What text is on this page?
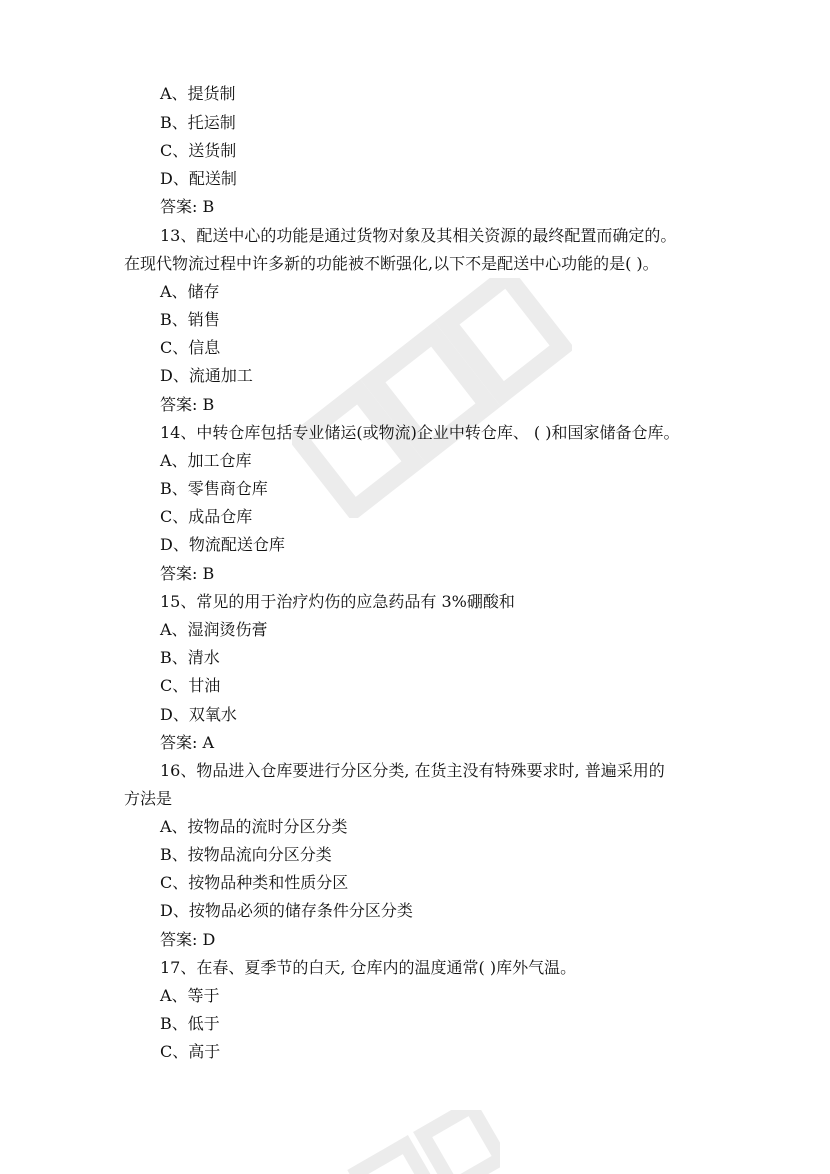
A、提货制
B、托运制
C、送货制
D、配送制
答案: B
13、配送中心的功能是通过货物对象及其相关资源的最终配置而确定的。
在现代物流过程中许多新的功能被不断强化,以下不是配送中心功能的是( )。
A、储存
B、销售
C、信息
D、流通加工
答案: B
14、中转仓库包括专业储运(或物流)企业中转仓库、 ( )和国家储备仓库。
A、加工仓库
B、零售商仓库
C、成品仓库
D、物流配送仓库
答案: B
15、常见的用于治疗灼伤的应急药品有 3%硼酸和
A、湿润烫伤膏
B、清水
C、甘油
D、双氧水
答案: A
16、物品进入仓库要进行分区分类, 在货主没有特殊要求时, 普遍采用的
方法是
A、按物品的流时分区分类
B、按物品流向分区分类
C、按物品种类和性质分区
D、按物品必须的储存条件分区分类
答案: D
17、在春、夏季节的白天, 仓库内的温度通常( )库外气温。
A、等于
B、低于
C、高于
